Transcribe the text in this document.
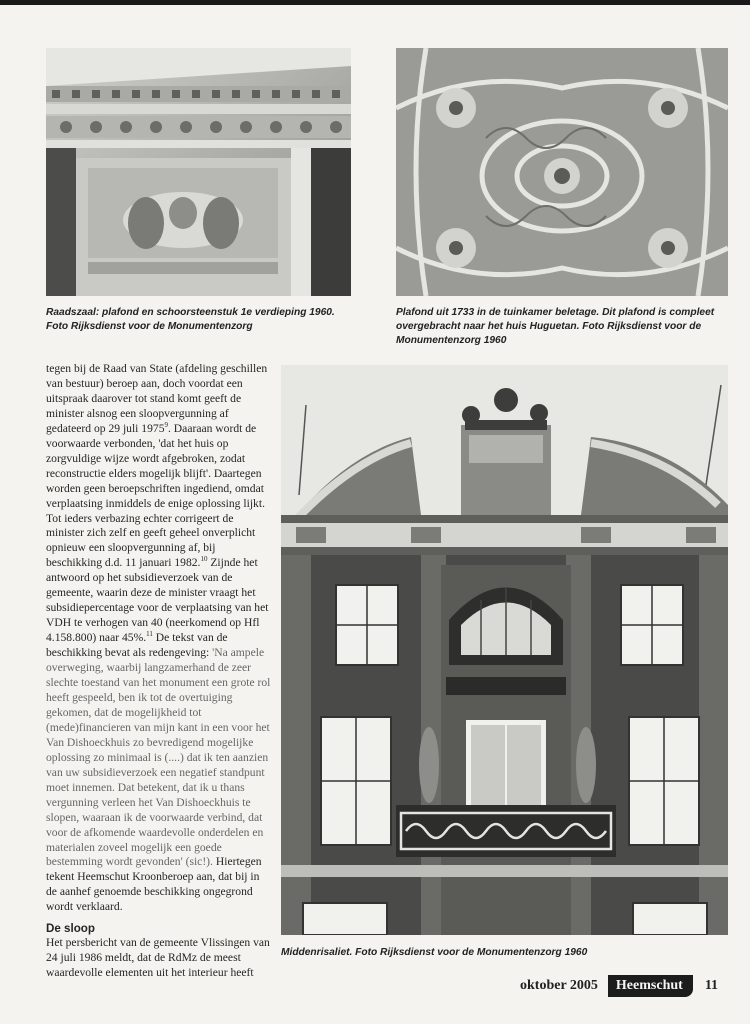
Raadszaal: plafond en schoorsteenstuk 1e verdieping 1960. Foto Rijksdienst voor de Monumentenzorg
Plafond uit 1733 in de tuinkamer beletage. Dit plafond is compleet overgebracht naar het huis Huguetan. Foto Rijksdienst voor de Monumentenzorg 1960

tegen bij de Raad van State (afdeling geschillen van bestuur) beroep aan, doch voordat een uitspraak daarover tot stand komt geeft de minister alsnog een sloopvergunning af gedateerd op 29 juli 1975$^9$. Daaraan wordt de voorwaarde verbonden, 'dat het huis op zorgvuldige wijze wordt afgebroken, zodat reconstructie elders mogelijk blijft'. Daartegen worden geen beroepschriften ingediend, omdat verplaatsing inmiddels de enige oplossing lijkt.

Tot ieders verbazing echter corrigeert de minister zich zelf en geeft geheel onverplicht opnieuw een sloopvergunning af, bij beschikking d.d. 11 januari 1982.10 Zijnde het antwoord op het subsidieverzoek van de gemeente, waarin deze de minister vraagt het subsidiepercentage voor de verplaatsing van het VDH te verhogen van 40 (neerkomend op Hfl 4.158.800) naar 45%.$^{11}$ De tekst van de beschikking bevat als redengeving: 'Na ampele overweging, waarbij langzamerhand de zeer slechte toestand van het monument een grote rol heeft gespeeld, ben ik tot de overtuiging gekomen, dat de mogelijkheid tot (mede)financieren van mijn kant in een voor het Van Dishoeckhuis zo bevredigend mogelijke oplossing zo minimaal is (....) dat ik ten aanzien van uw subsidieverzoek een negatief standpunt moet innemen. Dat betekent, dat ik u thans vergunning verleen het Van Dishoeckhuis te slopen, waaraan ik de voorwaarde verbind, dat voor de afkomende waardevolle onderdelen en materialen zoveel mogelijk een goede bestemming wordt gevonden' (sic!). Hiertegen tekent Heemschut Kroonberoep aan, dat bij in de aanhef genoemde beschikking ongegrond wordt verklaard.

De sloop

Het persbericht van de gemeente Vlissingen van 24 juli 1986 meldt, dat de RdMz de meest waardevolle elementen uit het interieur heeft

Middenrisaliet. Foto Rijksdienst voor de Monumentenzorg 1960
oktober 2005	Heemschut	11
